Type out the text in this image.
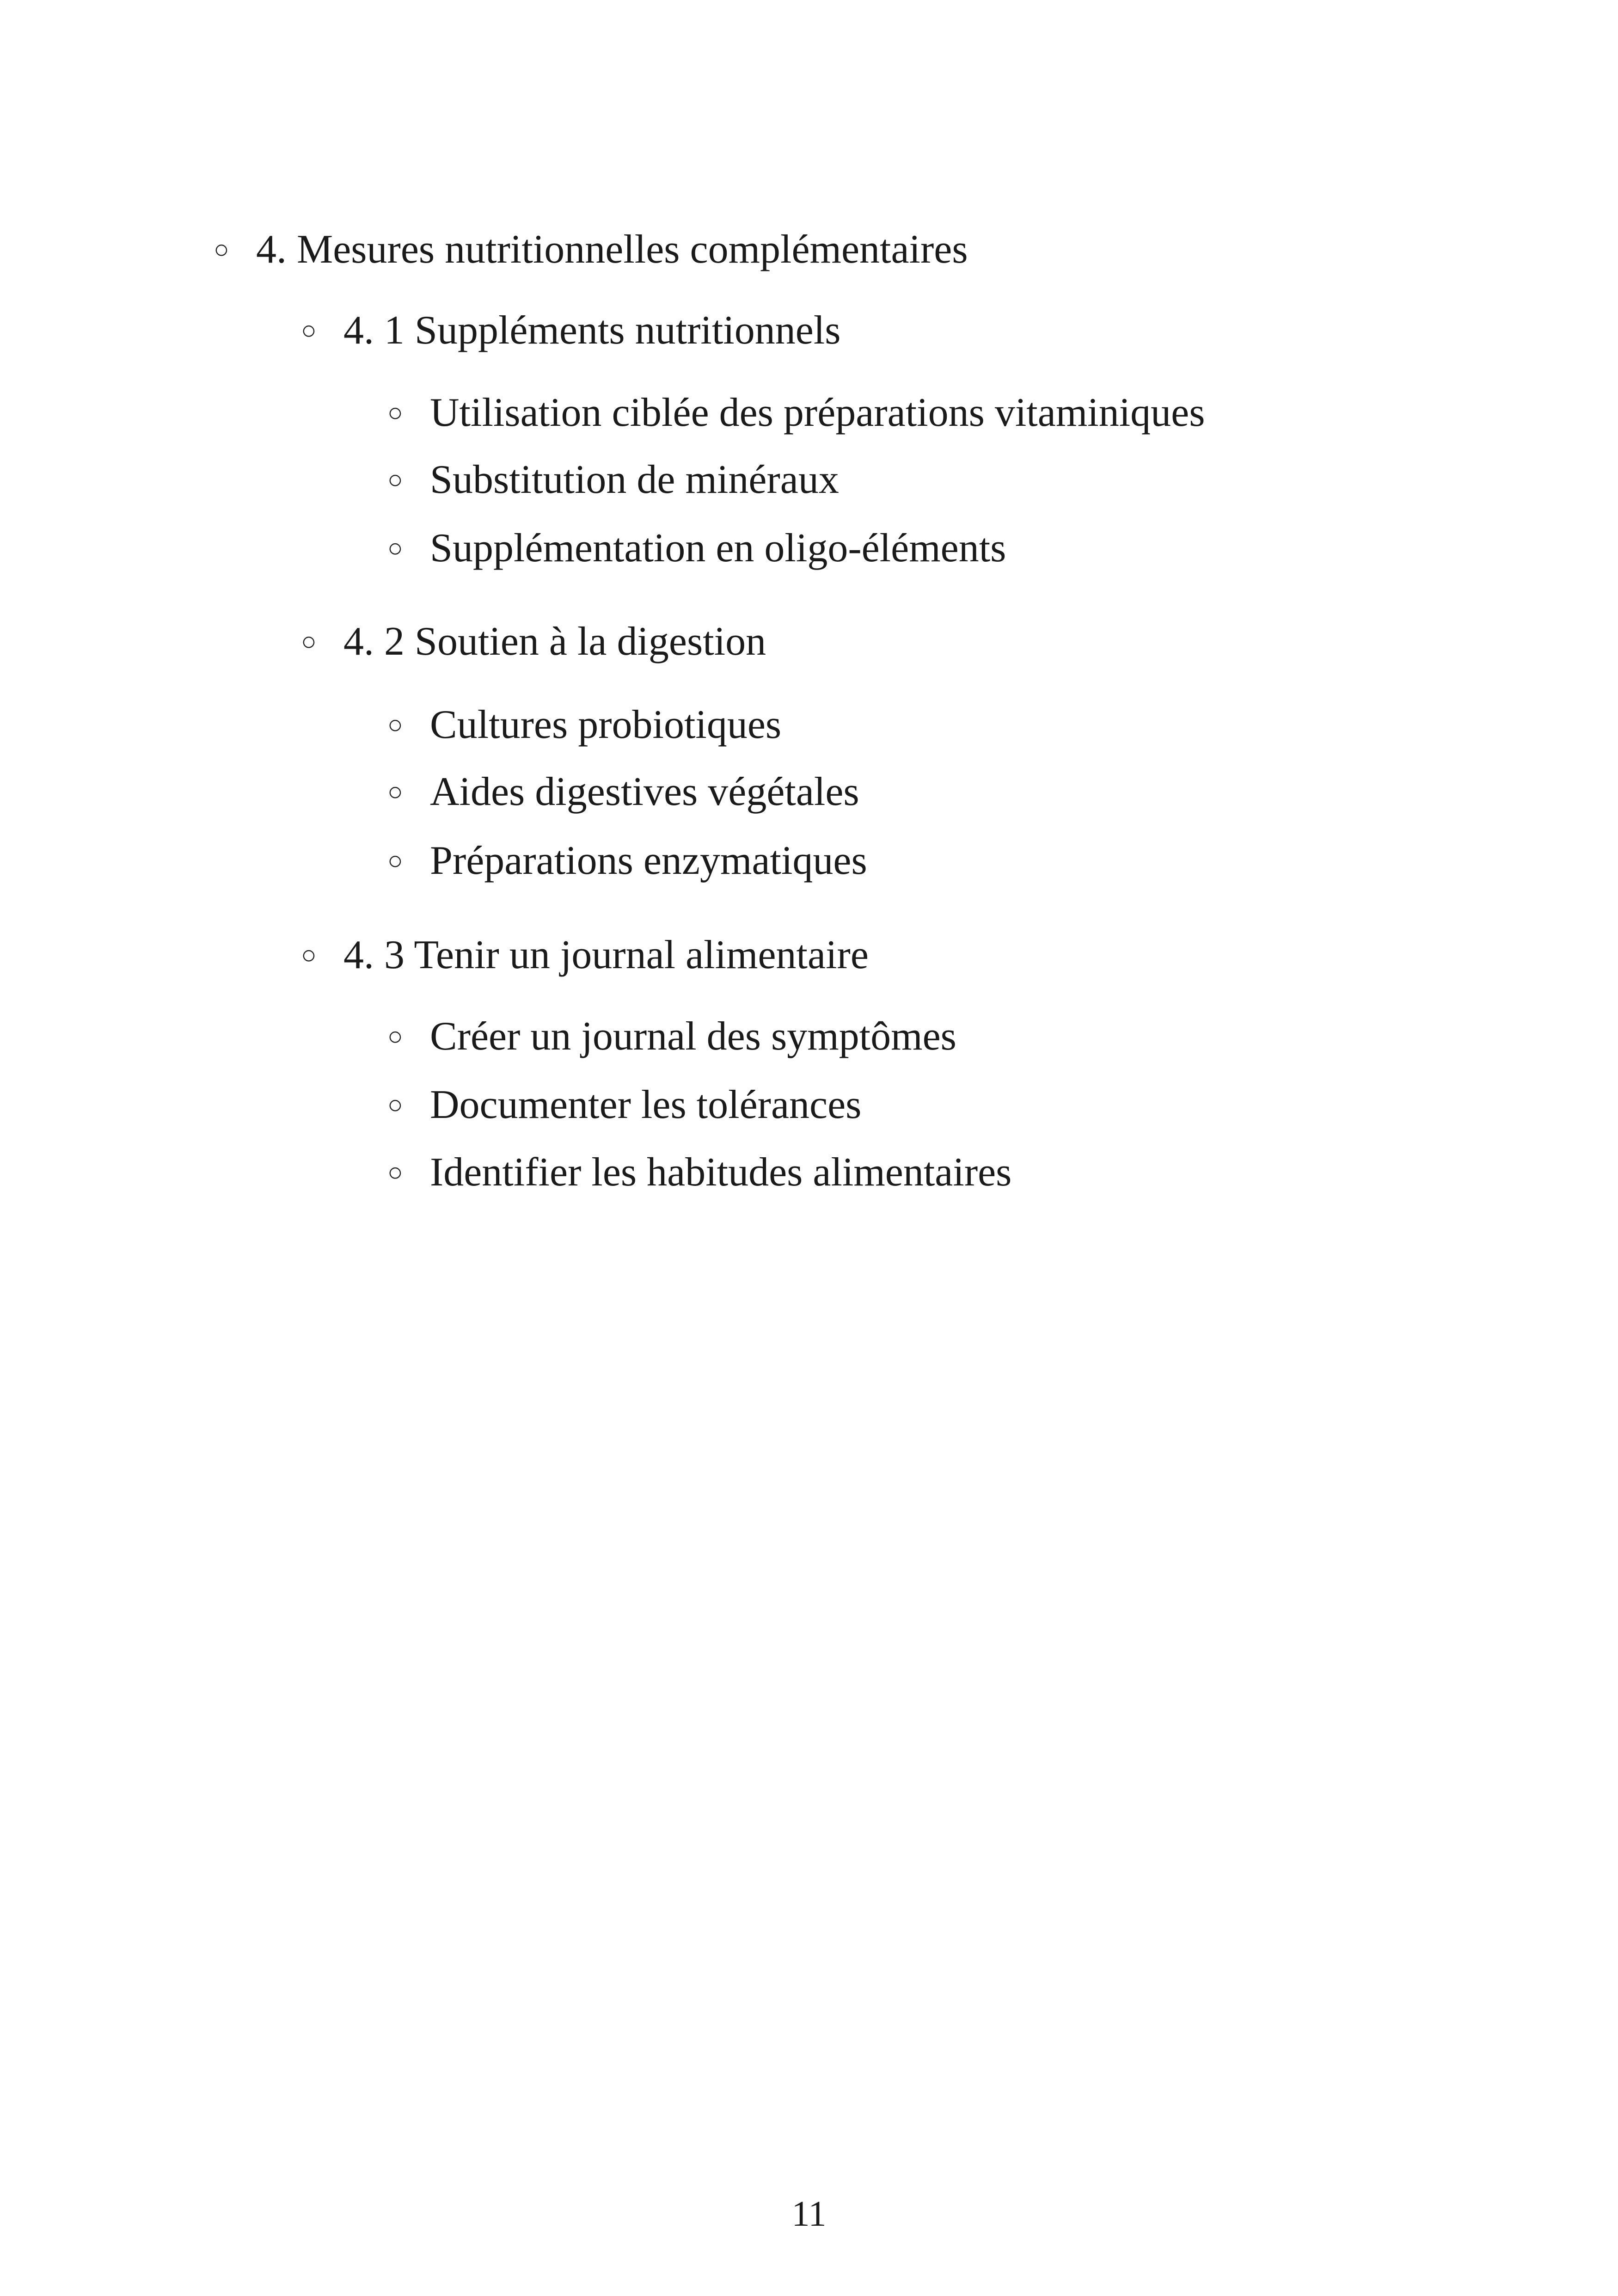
○ 4. Mesures nutritionnelles complémentaires
○ 4. 1 Suppléments nutritionnels
○ Utilisation ciblée des préparations vitaminiques
○ Substitution de minéraux
○ Supplémentation en oligo-éléments
○ 4. 2 Soutien à la digestion
○ Cultures probiotiques
○ Aides digestives végétales
○ Préparations enzymatiques
○ 4. 3 Tenir un journal alimentaire
○ Créer un journal des symptômes
○ Documenter les tolérances
○ Identifier les habitudes alimentaires
11
